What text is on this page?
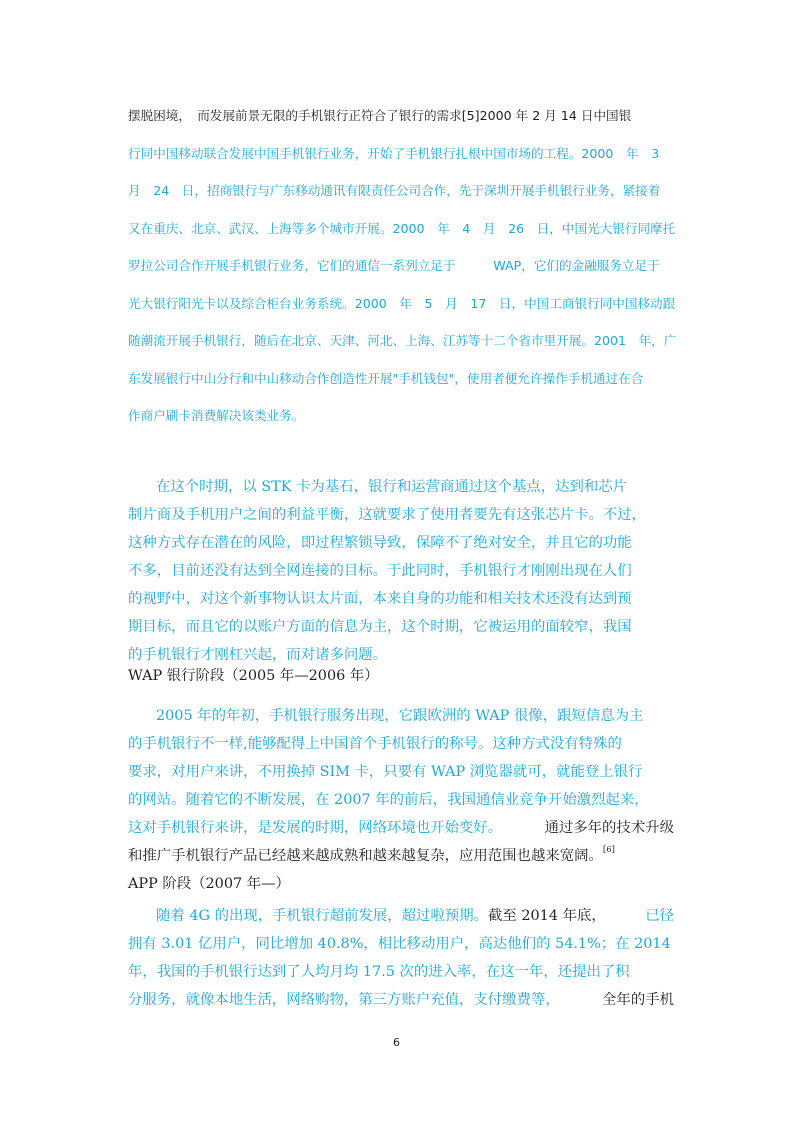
摆脱困境，　而发展前景无限的手机银行正符合了银行的需求[5]2000 年 2 月 14 日中国银
行同中国移动联合发展中国手机银行业务，开始了手机银行扎根中国市场的工程。2000　年　3
月　24　日，招商银行与广东移动通讯有限责任公司合作，先于深圳开展手机银行业务，紧接着
又在重庆、北京、武汉、上海等多个城市开展。2000　年　4　月　26　日，中国光大银行同摩托
罗拉公司合作开展手机银行业务，它们的通信一系列立足于　　　WAP，它们的金融服务立足于
光大银行阳光卡以及综合柜台业务系统。2000　年　5　月　17　日，中国工商银行同中国移动跟
随潮流开展手机银行，随后在北京、天津、河北、上海、江苏等十二个省市里开展。2001　年，广
东发展银行中山分行和中山移动合作创造性开展"手机钱包"，使用者便允许操作手机通过在合
作商户刷卡消费解决该类业务。
在这个时期，以 STK 卡为基石，银行和运营商通过这个基点，达到和芯片
制片商及手机用户之间的利益平衡，这就要求了使用者要先有这张芯片卡。不过，
这种方式存在潜在的风险，即过程繁锁导致，保障不了绝对安全，并且它的功能
不多，目前还没有达到全网连接的目标。于此同时，手机银行才刚刚出现在人们
的视野中，对这个新事物认识太片面，本来自身的功能和相关技术还没有达到预
期目标，而且它的以账户方面的信息为主，这个时期，它被运用的面较窄，我国
的手机银行才刚杠兴起，而对诸多问题。
WAP 银行阶段（2005 年—2006 年）
2005 年的年初，手机银行服务出现，它跟欧洲的 WAP 很像，跟短信息为主
的手机银行不一样,能够配得上中国首个手机银行的称号。这种方式没有特殊的
要求，对用户来讲，不用换掉 SIM 卡，只要有 WAP 浏览器就可，就能登上银行
的网站。随着它的不断发展，在 2007 年的前后，我国通信业竞争开始激烈起来，
这对手机银行来讲，是发展的时期，网络环境也开始变好。	通过多年的技术升级
和推广手机银行产品已经越来越成熟和越来越复杂，应用范围也越来宽阔。 [6]
APP 阶段（2007 年—）
随着 4G 的出现，手机银行超前发展，超过啦预期。截至 2014 年底，	已径
拥有 3.01 亿用户，同比增加 40.8%，相比移动用户，高达他们的 54.1%；在 2014
年，我国的手机银行达到了人均月均 17.5 次的进入率，在这一年，还提出了积
分服务，就像本地生活，网络购物，第三方账户充值，支付缴费等，	全年的手机
6
